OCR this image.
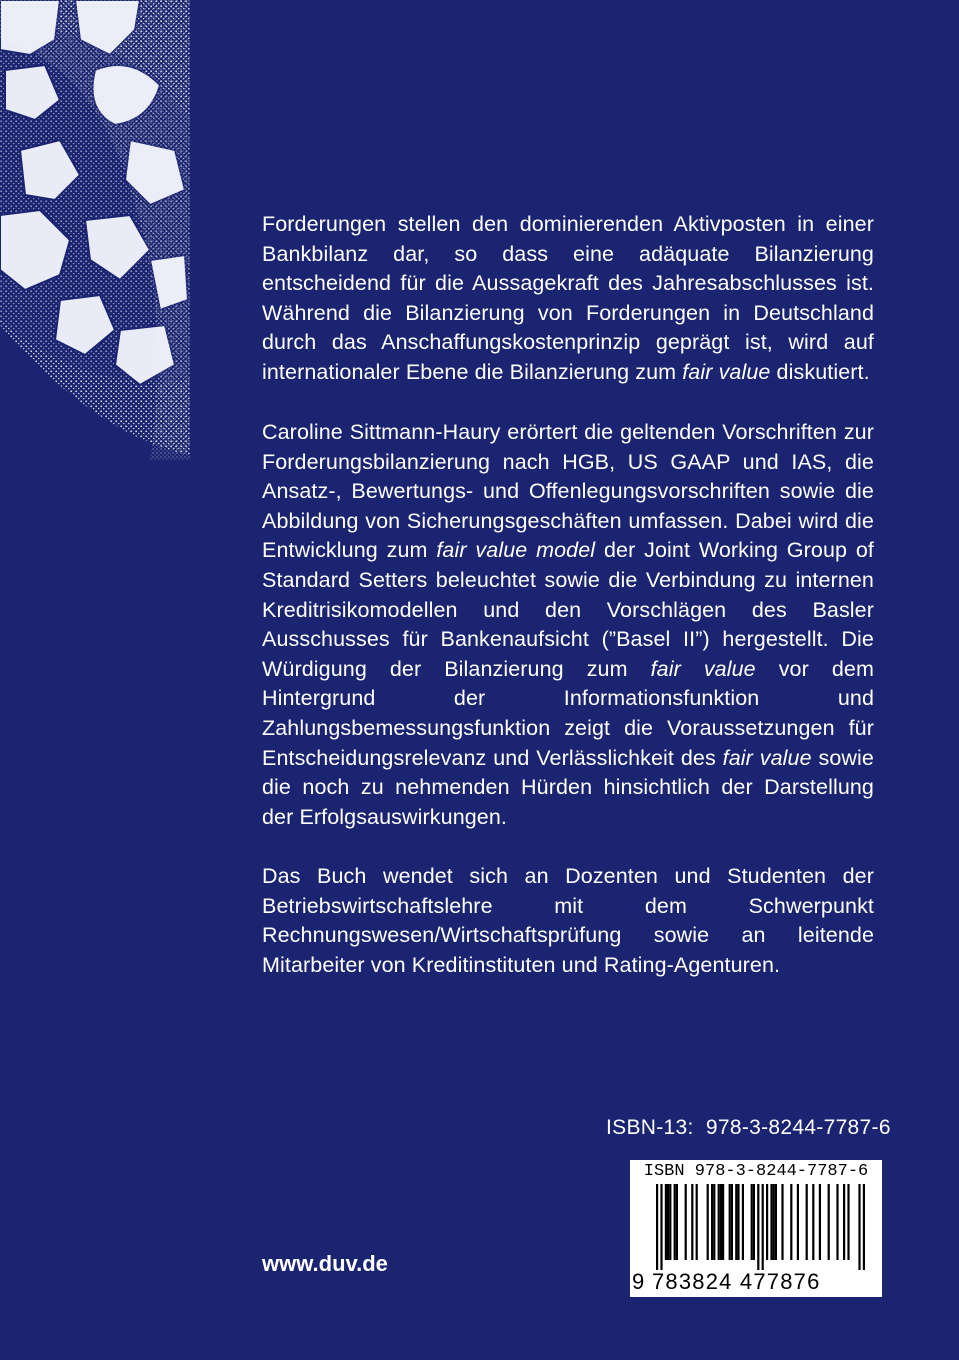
Forderungen stellen den dominierenden Aktivposten in einer Bankbilanz dar, so dass eine adäquate Bilanzierung entscheidend für die Aussagekraft des Jahresabschlusses ist. Während die Bilanzierung von Forderungen in Deutschland durch das Anschaffungskostenprinzip geprägt ist, wird auf internationaler Ebene die Bilanzierung zum fair value diskutiert.

Caroline Sittmann-Haury erörtert die geltenden Vorschriften zur Forderungsbilanzierung nach HGB, US GAAP und IAS, die Ansatz-, Bewertungs- und Offenlegungsvorschriften sowie die Abbildung von Sicherungsgeschäften umfassen. Dabei wird die Entwicklung zum fair value model der Joint Working Group of Standard Setters beleuchtet sowie die Verbindung zu internen Kreditrisikomodellen und den Vorschlägen des Basler Ausschusses für Bankenaufsicht (”Basel II”) hergestellt. Die Würdigung der Bilanzierung zum fair value vor dem Hintergrund der Informationsfunktion und Zahlungsbemessungsfunktion zeigt die Voraussetzungen für Entscheidungsrelevanz und Verlässlichkeit des fair value sowie die noch zu nehmenden Hürden hinsichtlich der Darstellung der Erfolgsauswirkungen.

Das Buch wendet sich an Dozenten und Studenten der Betriebswirtschaftslehre mit dem Schwerpunkt Rechnungswesen/Wirtschaftsprüfung sowie an leitende Mitarbeiter von Kreditinstituten und Rating-Agenturen.

ISBN-13: 978-3-8244-7787-6
www.duv.de
ISBN 978-3-8244-7787-6
9 783824 477876
